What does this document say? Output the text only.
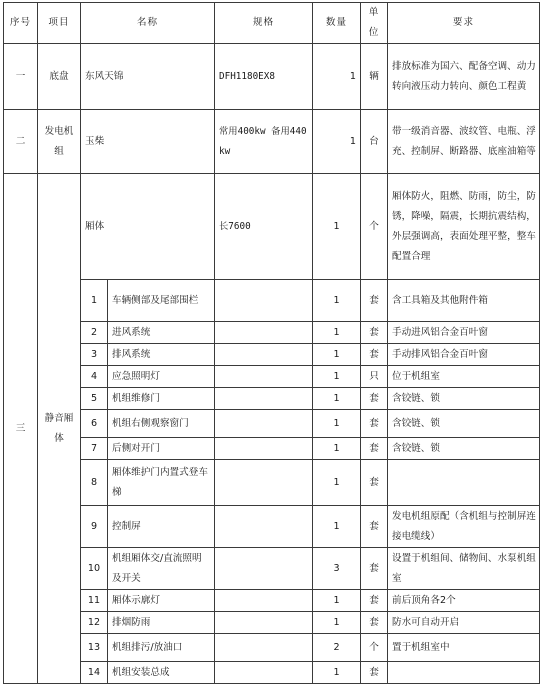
序号	项目	名称		规格	数量	单位	要求
一	底盘	东风天锦		DFH1180EX8	1	辆	排放标准为国六、配备空调、动力转向液压动力转向、颜色工程黄
二	发电机组	玉柴		常用400kw 备用440kw	1	台	带一级消音器、波纹管、电瓶、浮充、控制屏、断路器、底座油箱等
三	静音厢体	厢体		长7600	1	个	厢体防火，阻燃、防雨，防尘，防锈，降噪，隔震，长期抗震结构，外层强调高，表面处理平整，整车配置合理
		1	车辆侧部及尾部围栏		1	套	含工具箱及其他附件箱
		2	进风系统		1	套	手动进风铝合金百叶窗
		3	排风系统		1	套	手动排风铝合金百叶窗
		4	应急照明灯		1	只	位于机组室
		5	机组维修门		1	套	含铰链、锁
		6	机组右侧观察窗门		1	套	含铰链、锁
		7	后侧对开门		1	套	含铰链、锁
		8	厢体维护门内置式登车梯		1	套	
		9	控制屏		1	套	发电机组原配（含机组与控制屏连接电缆线）
		10	机组厢体交/直流照明及开关		3	套	设置于机组间、储物间、水泵机组室
		11	厢体示廓灯		1	套	前后顶角各2个
		12	排烟防雨		1	套	防水可自动开启
		13	机组排污/放油口		2	个	置于机组室中
		14	机组安装总成		1	套	
